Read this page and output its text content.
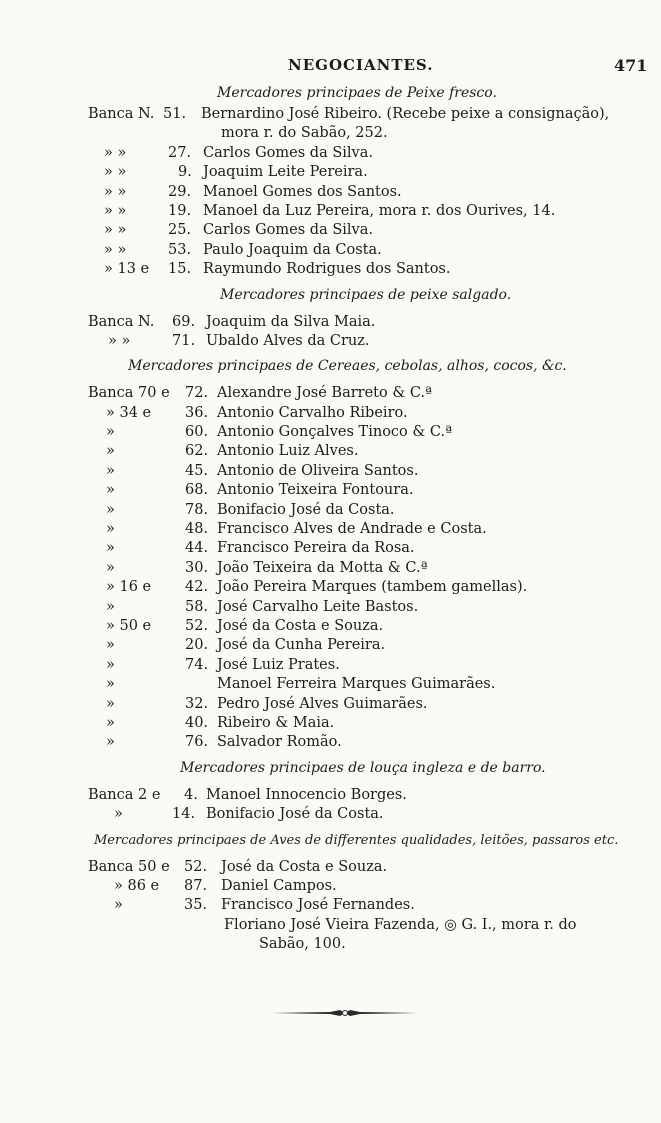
NEGOCIANTES.	471
Mercadores principaes de Peixe fresco.
Banca N. 51. Bernardino José Ribeiro. (Recebe peixe a consignação),
mora r. do Sabão, 252.
» »	27. Carlos Gomes da Silva.
» »	9. Joaquim Leite Pereira.
» »	29. Manoel Gomes dos Santos.
» »	19. Manoel da Luz Pereira, mora r. dos Ourives, 14.
» »	25. Carlos Gomes da Silva.
» »	53. Paulo Joaquim da Costa.
» 13 e 15. Raymundo Rodrigues dos Santos.
Mercadores principaes de peixe salgado.
Banca N. 69. Joaquim da Silva Maia.
» »	71. Ubaldo Alves da Cruz.
Mercadores principaes de Cereaes, cebolas, alhos, cocos, &c.
Banca 70 e 72. Alexandre José Barreto & C.ª
» 34 e 36. Antonio Carvalho Ribeiro.
»	60. Antonio Gonçalves Tinoco & C.ª
»	62. Antonio Luiz Alves.
»	45. Antonio de Oliveira Santos.
»	68. Antonio Teixeira Fontoura.
»	78. Bonifacio José da Costa.
»	48. Francisco Alves de Andrade e Costa.
»	44. Francisco Pereira da Rosa.
»	30. João Teixeira da Motta & C.ª
» 16 e 42. João Pereira Marques (tambem gamellas).
»	58. José Carvalho Leite Bastos.
» 50 e 52. José da Costa e Souza.
»	20. José da Cunha Pereira.
»	74. José Luiz Prates.
»	Manoel Ferreira Marques Guimarães.
»	32. Pedro José Alves Guimarães.
»	40. Ribeiro & Maia.
»	76. Salvador Romão.
Mercadores principaes de louça ingleza e de barro.
Banca 2 e 4. Manoel Innocencio Borges.
»	14. Bonifacio José da Costa.
Mercadores principaes de Aves de differentes qualidades, leitões, passaros etc.
Banca 50 e 52. José da Costa e Souza.
» 86 e 87. Daniel Campos.
»	35. Francisco José Fernandes.
Floriano José Vieira Fazenda, ◎ G. I., mora r. do
Sabão, 100.
